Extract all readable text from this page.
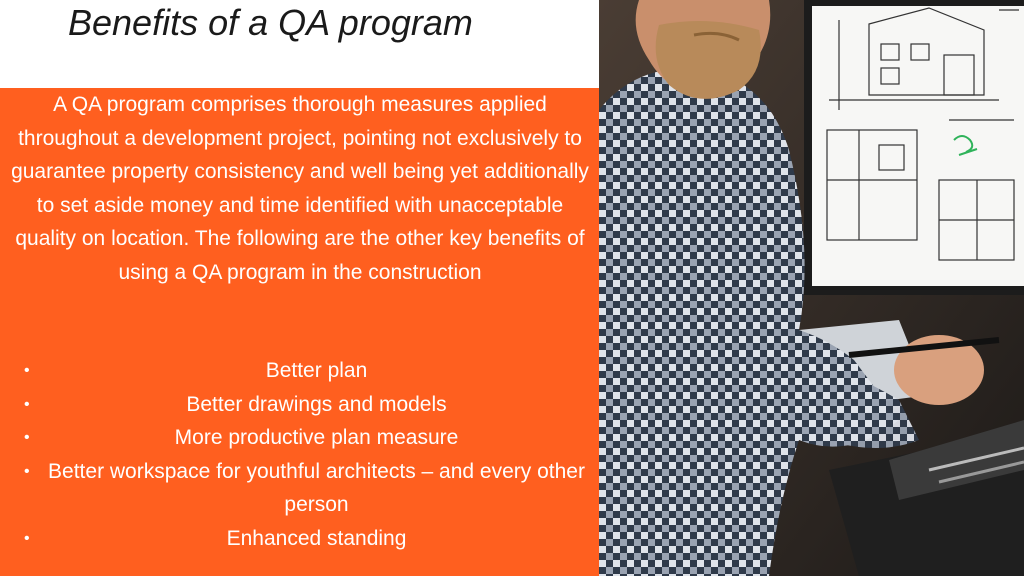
Benefits of a QA program

A QA program comprises thorough measures applied throughout a development project, pointing not exclusively to guarantee property consistency and well being yet additionally to set aside money and time identified with unacceptable quality on location. The following are the other key benefits of using a QA program in the construction

•	Better plan
•	Better drawings and models
•	More productive plan measure
• Better workspace for youthful architects – and every other person
•	Enhanced standing
